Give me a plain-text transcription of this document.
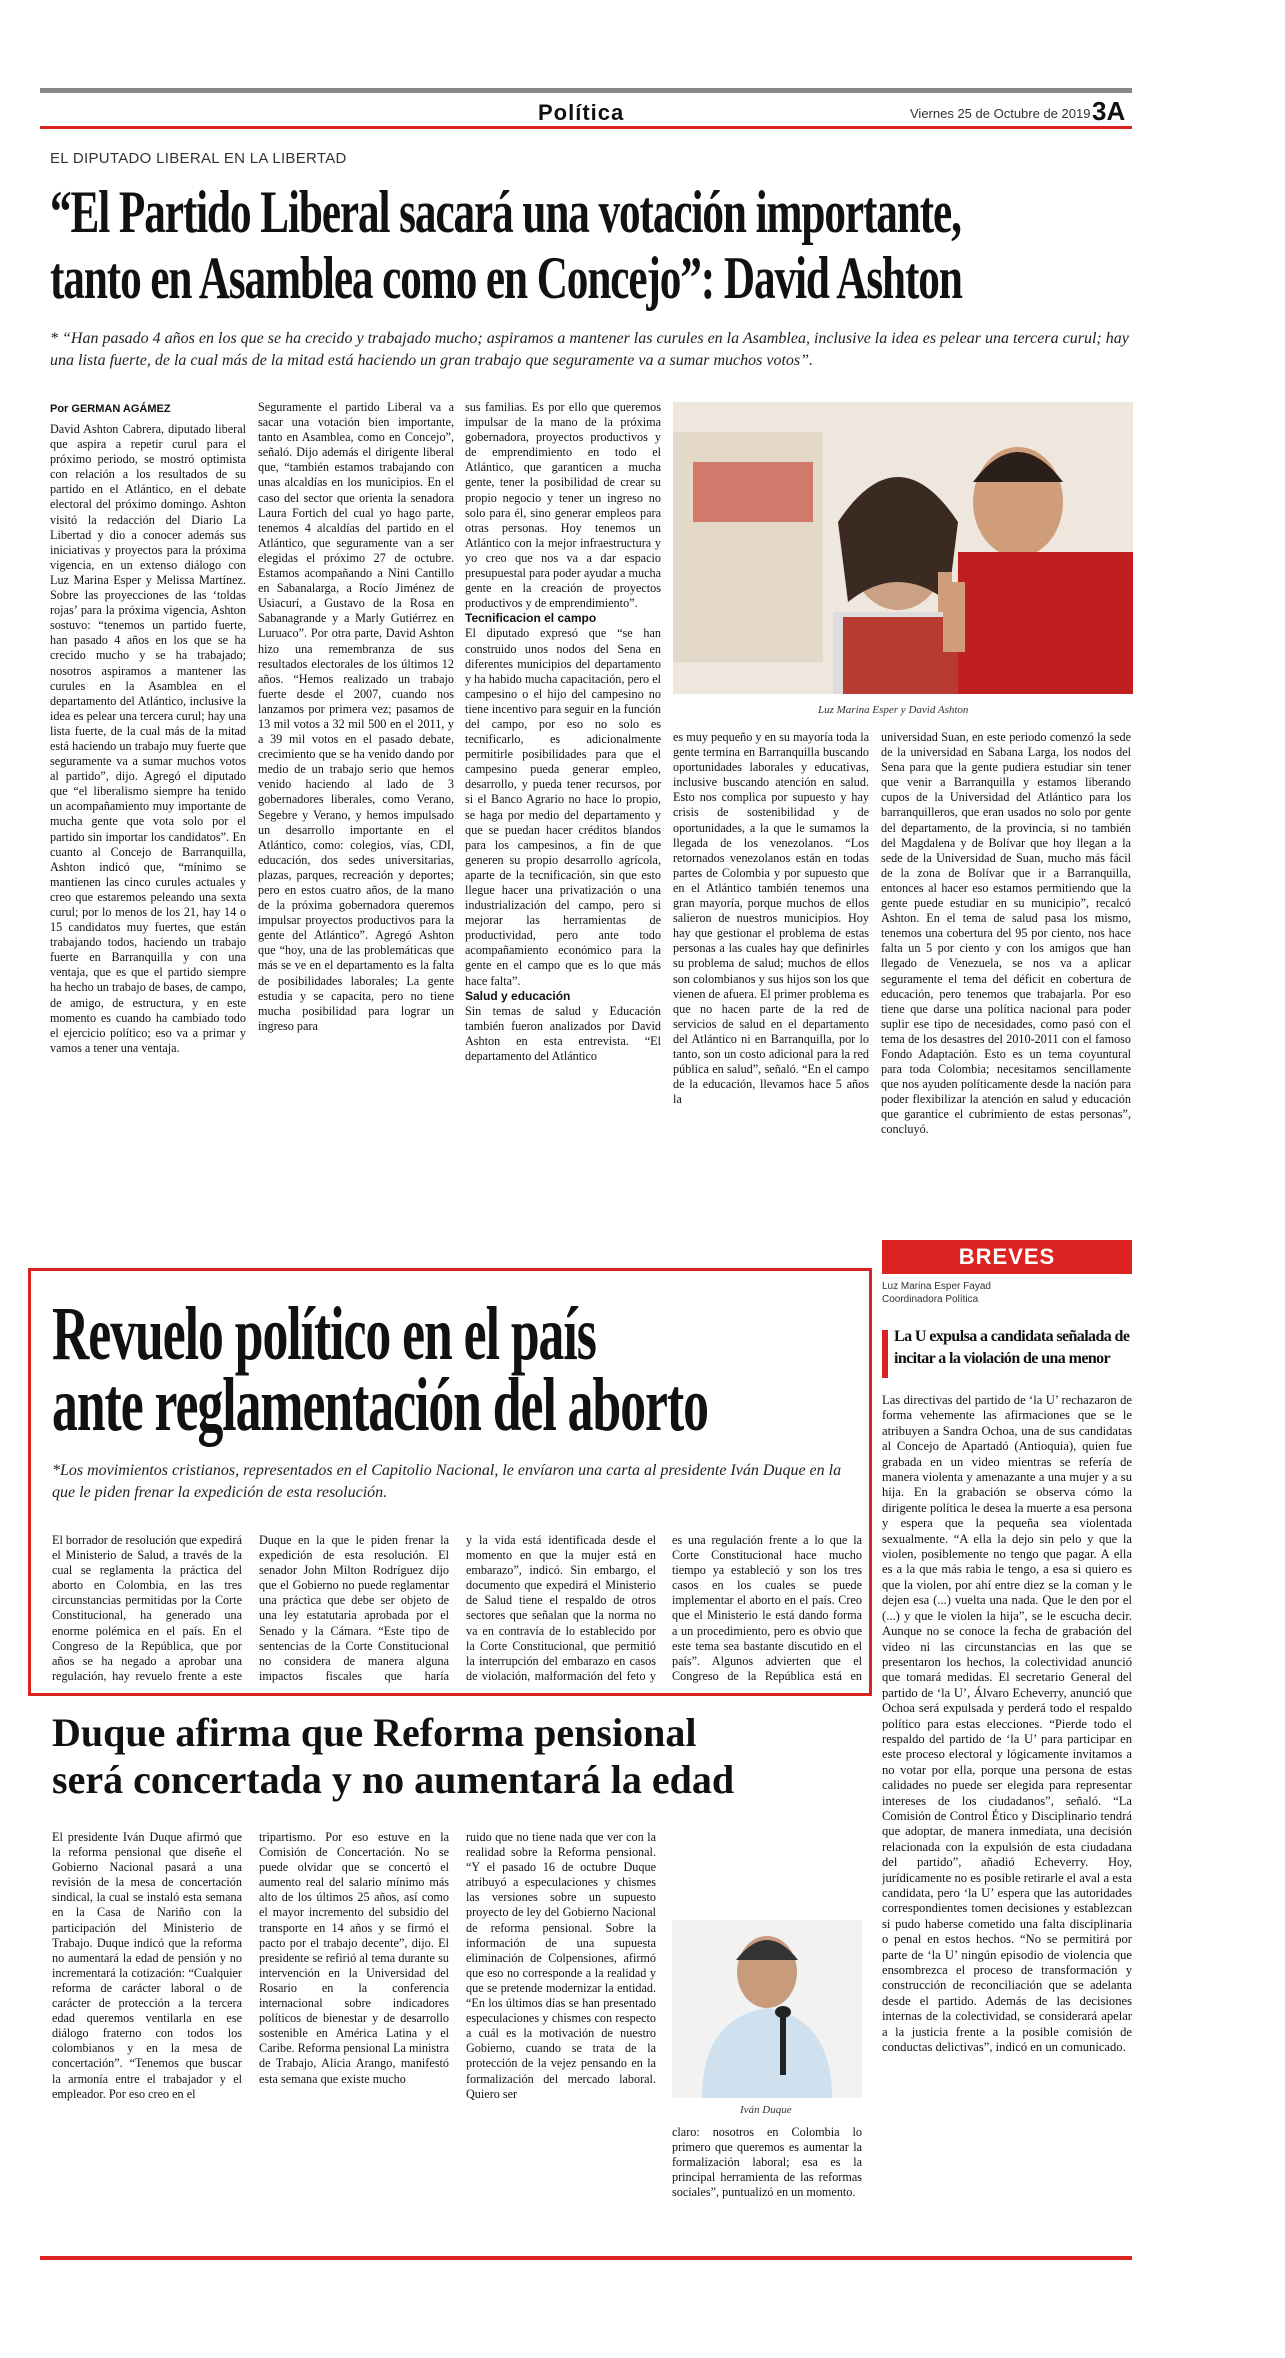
Política	Viernes 25 de Octubre de 2019 3A
EL DIPUTADO LIBERAL EN LA LIBERTAD
“El Partido Liberal sacará una votación importante,
tanto en Asamblea como en Concejo”: David Ashton
* “Han pasado 4 años en los que se ha crecido y trabajado mucho; aspiramos a mantener las curules en la Asamblea, inclusive la idea es pelear una tercera curul; hay una lista fuerte, de la cual más de la mitad está haciendo un gran trabajo que seguramente va a sumar muchos votos”.
Por GERMAN AGÁMEZ

David Ashton Cabrera, diputado liberal que aspira a repetir curul para el próximo periodo, se mostró optimista con relación a los resultados de su partido en el Atlántico, en el debate electoral del próximo domingo. Ashton visitó la redacción del Diario La Libertad y dio a conocer además sus iniciativas y proyectos para la próxima vigencia, en un extenso diálogo con Luz Marina Esper y Melissa Martínez. Sobre las proyecciones de las ‘toldas rojas’ para la próxima vigencia, Ashton sostuvo: “tenemos un partido fuerte, han pasado 4 años en los que se ha crecido mucho y se ha trabajado; nosotros aspiramos a mantener las curules en la Asamblea en el departamento del Atlántico, inclusive la idea es pelear una tercera curul; hay una lista fuerte, de la cual más de la mitad está haciendo un trabajo muy fuerte que seguramente va a sumar muchos votos al partido”, dijo. Agregó el diputado que “el liberalismo siempre ha tenido un acompañamiento muy importante de mucha gente que vota solo por el partido sin importar los candidatos”. En cuanto al Concejo de Barranquilla, Ashton indicó que, “mínimo se mantienen las cinco curules actuales y creo que estaremos peleando una sexta curul; por lo menos de los 21, hay 14 o 15 candidatos muy fuertes, que están trabajando todos, haciendo un trabajo fuerte en Barranquilla y con una ventaja, que es que el partido siempre ha hecho un trabajo de bases, de campo, de amigo, de estructura, y en este momento es cuando ha cambiado todo el ejercicio político; eso va a primar y vamos a tener una ventaja.

Seguramente el partido Liberal va a sacar una votación bien importante, tanto en Asamblea, como en Concejo”, señaló. Dijo además el dirigente liberal que, “también estamos trabajando con unas alcaldías en los municipios. En el caso del sector que orienta la senadora Laura Fortich del cual yo hago parte, tenemos 4 alcaldías del partido en el Atlántico, que seguramente van a ser elegidas el próximo 27 de octubre. Estamos acompañando a Nini Cantillo en Sabanalarga, a Rocío Jiménez de Usiacurí, a Gustavo de la Rosa en Sabanagrande y a Marly Gutiérrez en Luruaco”. Por otra parte, David Ashton hizo una remembranza de sus resultados electorales de los últimos 12 años. “Hemos realizado un trabajo fuerte desde el 2007, cuando nos lanzamos por primera vez; pasamos de 13 mil votos a 32 mil 500 en el 2011, y a 39 mil votos en el pasado debate, crecimiento que se ha venido dando por medio de un trabajo serio que hemos venido haciendo al lado de 3 gobernadores liberales, como Verano, Segebre y Verano, y hemos impulsado un desarrollo importante en el Atlántico, como: colegios, vías, CDI, educación, dos sedes universitarias, plazas, parques, recreación y deportes; pero en estos cuatro años, de la mano de la próxima gobernadora queremos impulsar proyectos productivos para la gente del Atlántico”. Agregó Ashton que “hoy, una de las problemáticas que más se ve en el departamento es la falta de posibilidades laborales; La gente estudia y se capacita, pero no tiene mucha posibilidad para lograr un ingreso para

sus familias. Es por ello que queremos impulsar de la mano de la próxima gobernadora, proyectos productivos y de emprendimiento en todo el Atlántico, que garanticen a mucha gente, tener la posibilidad de crear su propio negocio y tener un ingreso no solo para él, sino generar empleos para otras personas. Hoy tenemos un Atlántico con la mejor infraestructura y yo creo que nos va a dar espacio presupuestal para poder ayudar a mucha gente en la creación de proyectos productivos y de emprendimiento”.

Tecnificacion el campo

El diputado expresó que “se han construido unos nodos del Sena en diferentes municipios del departamento y ha habido mucha capacitación, pero el campesino o el hijo del campesino no tiene incentivo para seguir en la función del campo, por eso no solo es tecnificarlo, es adicionalmente permitirle posibilidades para que el campesino pueda generar empleo, desarrollo, y pueda tener recursos, por si el Banco Agrario no hace lo propio, se haga por medio del departamento y que se puedan hacer créditos blandos para los campesinos, a fin de que generen su propio desarrollo agrícola, aparte de la tecnificación, sin que esto llegue hacer una privatización o una industrialización del campo, pero si mejorar las herramientas de productividad, pero ante todo acompañamiento económico para la gente en el campo que es lo que más hace falta”.

Salud y educación

Sin temas de salud y Educación también fueron analizados por David Ashton en esta entrevista. “El departamento del Atlántico

Luz Marina Esper y David Ashton

es muy pequeño y en su mayoría toda la gente termina en Barranquilla buscando oportunidades laborales y educativas, inclusive buscando atención en salud. Esto nos complica por supuesto y hay crisis de sostenibilidad y de oportunidades, a la que le sumamos la llegada de los venezolanos. “Los retornados venezolanos están en todas partes de Colombia y por supuesto que en el Atlántico también tenemos una gran mayoría, porque muchos de ellos salieron de nuestros municipios. Hoy hay que gestionar el problema de estas personas a las cuales hay que definirles su problema de salud; muchos de ellos son colombianos y sus hijos son los que vienen de afuera. El primer problema es que no hacen parte de la red de servicios de salud en el departamento del Atlántico ni en Barranquilla, por lo tanto, son un costo adicional para la red pública en salud”, señaló. “En el campo de la educación, llevamos hace 5 años la

universidad Suan, en este periodo comenzó la sede de la universidad en Sabana Larga, los nodos del Sena para que la gente pudiera estudiar sin tener que venir a Barranquilla y estamos liberando cupos de la Universidad del Atlántico para los barranquilleros, que eran usados no solo por gente del departamento, de la provincia, si no también del Magdalena y de Bolívar que hoy llegan a la sede de la Universidad de Suan, mucho más fácil de la zona de Bolívar que ir a Barranquilla, entonces al hacer eso estamos permitiendo que la gente puede estudiar en su municipio”, recalcó Ashton. En el tema de salud pasa los mismo, tenemos una cobertura del 95 por ciento, nos hace falta un 5 por ciento y con los amigos que han llegado de Venezuela, se nos va a aplicar seguramente el tema del déficit en cobertura de educación, pero tenemos que trabajarla. Por eso tiene que darse una política nacional para poder suplir ese tipo de necesidades, como pasó con el tema de los desastres del 2010-2011 con el famoso Fondo Adaptación. Esto es un tema coyuntural para toda Colombia; necesitamos sencillamente que nos ayuden políticamente desde la nación para poder flexibilizar la atención en salud y educación que garantice el cubrimiento de estas personas”, concluyó.

Revuelo político en el país
ante reglamentación del aborto
*Los movimientos cristianos, representados en el Capitolio Nacional, le envíaron una carta al presidente Iván Duque en la que le piden frenar la expedición de esta resolución.

El borrador de resolución que expedirá el Ministerio de Salud, a través de la cual se reglamenta la práctica del aborto en Colombia, en las tres circunstancias permitidas por la Corte Constitucional, ha generado una enorme polémica en el país. En el Congreso de la República, que por años se ha negado a aprobar una regulación, hay revuelo frente a este

Duque en la que le piden frenar la expedición de esta resolución. El senador John Milton Rodríguez dijo que el Gobierno no puede reglamentar una práctica que debe ser objeto de una ley estatutaria aprobada por el Senado y la Cámara. “Este tipo de sentencias de la Corte Constitucional no considera de manera alguna impactos fiscales que haría

y la vida está identificada desde el momento en que la mujer está en embarazo”, indicó. Sin embargo, el documento que expedirá el Ministerio de Salud tiene el respaldo de otros sectores que señalan que la norma no va en contravía de lo establecido por la Corte Constitucional, que permitió la interrupción del embarazo en casos de violación, malformación del feto y

es una regulación frente a lo que la Corte Constitucional hace mucho tiempo ya estableció y son los tres casos en los cuales se puede implementar el aborto en el país. Creo que el Ministerio le está dando forma a un procedimiento, pero es obvio que este tema sea bastante discutido en el país”. Algunos advierten que el Congreso de la República está en

BREVES
Luz Marina Esper Fayad
Coordinadora Política
La U expulsa a candidata señalada de incitar a la violación de una menor

Las directivas del partido de ‘la U’ rechazaron de forma vehemente las afirmaciones que se le atribuyen a Sandra Ochoa, una de sus candidatas al Concejo de Apartadó (Antioquia), quien fue grabada en un video mientras se refería de manera violenta y amenazante a una mujer y a su hija. En la grabación se observa cómo la dirigente política le desea la muerte a esa persona y espera que la pequeña sea violentada sexualmente. “A ella la dejo sin pelo y que la violen, posiblemente no tengo que pagar. A ella es a la que más rabia le tengo, a esa si quiero es que la violen, por ahí entre diez se la coman y le dejen esa (...) vuelta una nada. Que le den por el (...) y que le violen la hija”, se le escucha decir. Aunque no se conoce la fecha de grabación del video ni las circunstancias en las que se presentaron los hechos, la colectividad anunció que tomará medidas. El secretario General del partido de ‘la U’, Álvaro Echeverry, anunció que Ochoa será expulsada y perderá todo el respaldo político para estas elecciones. “Pierde todo el respaldo del partido de ‘la U’ para participar en este proceso electoral y lógicamente invitamos a no votar por ella, porque una persona de estas calidades no puede ser elegida para representar intereses de los ciudadanos”, señaló. “La Comisión de Control Ético y Disciplinario tendrá que adoptar, de manera inmediata, una decisión relacionada con la expulsión de esta ciudadana del partido”, añadió Echeverry. Hoy, jurídicamente no es posible retirarle el aval a esta candidata, pero ‘la U’ espera que las autoridades correspondientes tomen decisiones y establezcan si pudo haberse cometido una falta disciplinaria o penal en estos hechos. “No se permitirá por parte de ‘la U’ ningún episodio de violencia que ensombrezca el proceso de transformación y construcción de reconciliación que se adelanta desde el partido. Además de las decisiones internas de la colectividad, se considerará apelar a la justicia frente a la posible comisión de conductas delictivas”, indicó en un comunicado.

Duque afirma que Reforma pensional
será concertada y no aumentará la edad

El presidente Iván Duque afirmó que la reforma pensional que diseñe el Gobierno Nacional pasará a una revisión de la mesa de concertación sindical, la cual se instaló esta semana en la Casa de Nariño con la participación del Ministerio de Trabajo. Duque indicó que la reforma no aumentará la edad de pensión y no incrementará la cotización: “Cualquier reforma de carácter laboral o de carácter de protección a la tercera edad queremos ventilarla en ese diálogo fraterno con todos los colombianos y en la mesa de concertación”. “Tenemos que buscar la armonía entre el trabajador y el empleador. Por eso creo en el

tripartismo. Por eso estuve en la Comisión de Concertación. No se puede olvidar que se concertó el aumento real del salario mínimo más alto de los últimos 25 años, así como el mayor incremento del subsidio del transporte en 14 años y se firmó el pacto por el trabajo decente”, dijo. El presidente se refirió al tema durante su intervención en la Universidad del Rosario en la conferencia internacional sobre indicadores políticos de bienestar y de desarrollo sostenible en América Latina y el Caribe. Reforma pensional La ministra de Trabajo, Alicia Arango, manifestó esta semana que existe mucho

ruido que no tiene nada que ver con la realidad sobre la Reforma pensional. “Y el pasado 16 de octubre Duque atribuyó a especulaciones y chismes las versiones sobre un supuesto proyecto de ley del Gobierno Nacional de reforma pensional. Sobre la información de una supuesta eliminación de Colpensiones, afirmó que eso no corresponde a la realidad y que se pretende modernizar la entidad. “En los últimos días se han presentado especulaciones y chismes con respecto a cuál es la motivación de nuestro Gobierno, cuando se trata de la protección de la vejez pensando en la formalización del mercado laboral. Quiero ser

Iván Duque

claro: nosotros en Colombia lo primero que queremos es aumentar la formalización laboral; esa es la principal herramienta de las reformas sociales”, puntualizó en un momento.
